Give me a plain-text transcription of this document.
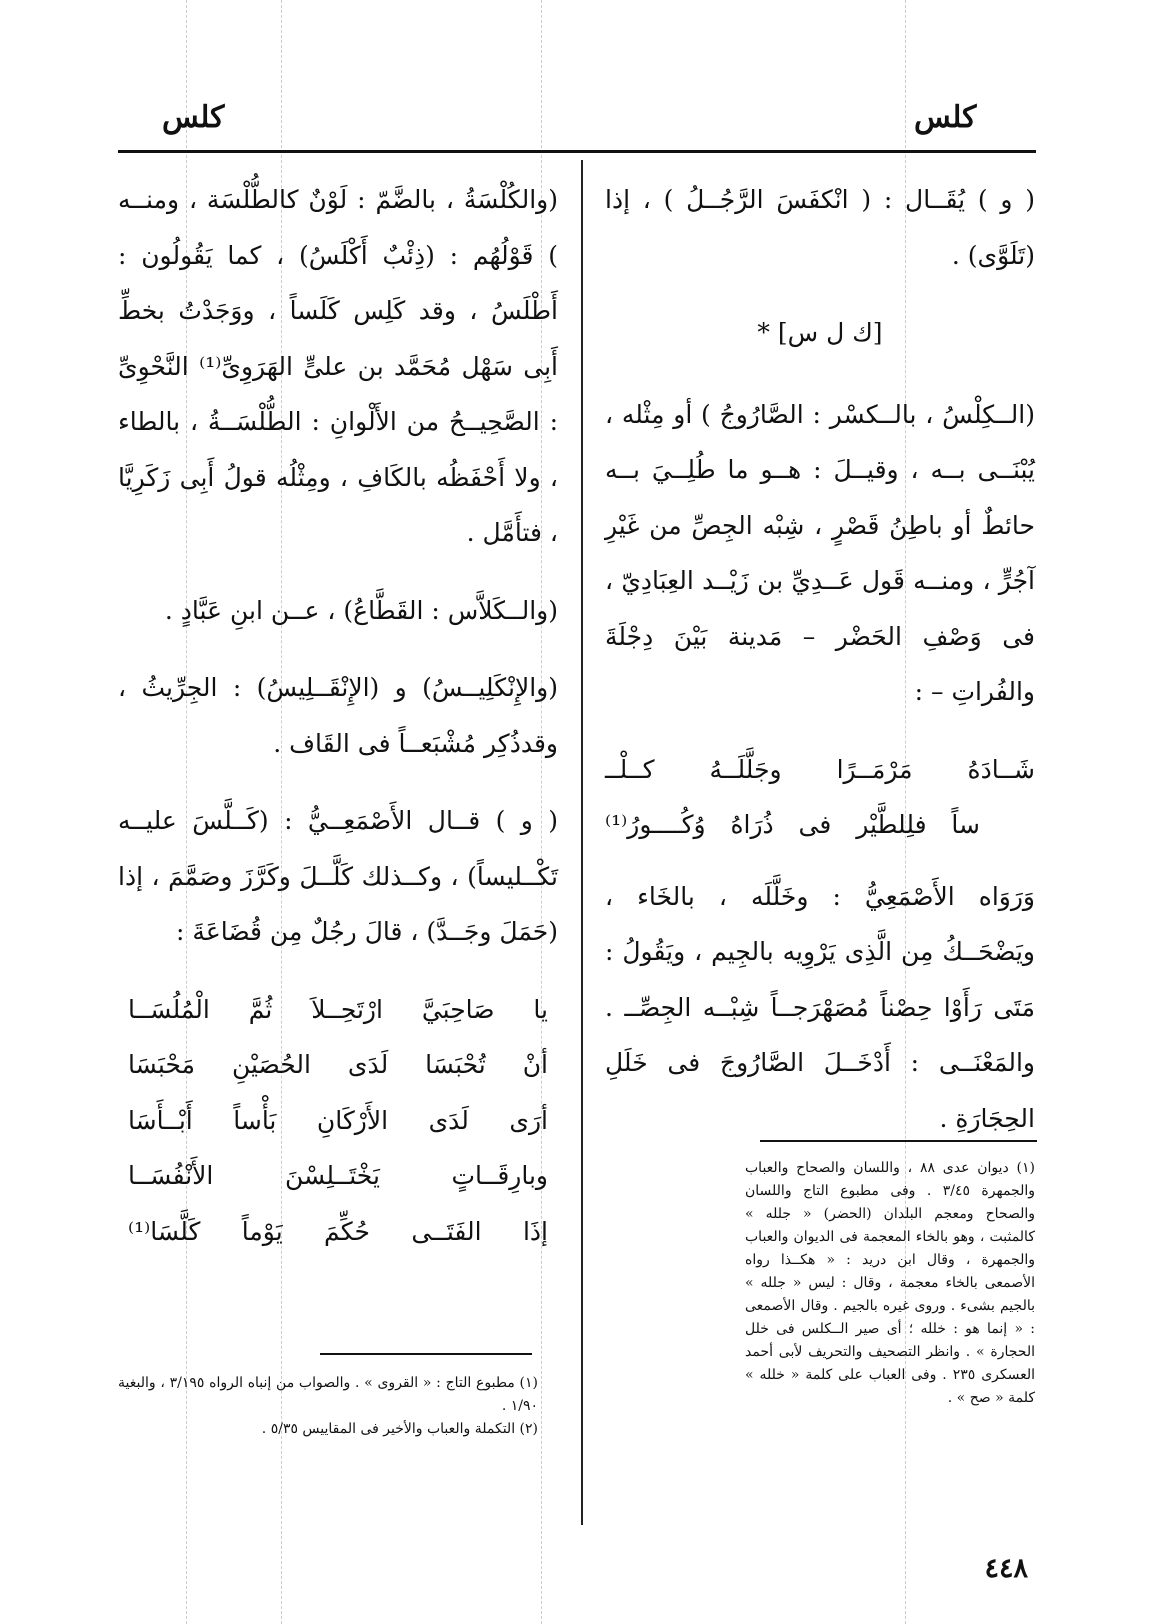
كلس
كلس

( و ) يُقَــال : ( انْكفَسَ الرَّجُــلُ ) ، إذا (تَلَوَّى) .

[ك ل س] *

(الــكِلْسُ ، بالــكسْر : الصَّارُوجُ ) أو مِثْله ، يُبْنَــى بــه ، وقيــلَ : هــو ما طُلِــيَ بــه حائطٌ أو باطِنُ قَصْرٍ ، شِبْه الجِصِّ من غَيْرِ آجُرٍّ ، ومنــه قَول عَــدِيِّ بن زَيْــد العِبَادِيّ ، فى وَصْفِ الحَضْر – مَدينة بَيْنَ دِجْلَةَ والفُراتِ – :

شَــادَهُ مَرْمَــرًا وجَلَّلَــهُ كــلْــ
ساً فلِلطَّيْر فى ذُرَاهُ وُكُــــورُ⁽¹⁾

وَرَوَاه الأَصْمَعِيُّ : وخَلَّلَه ، بالخَاء ، ويَضْحَــكُ مِن الَّذِى يَرْوِيه بالجِيم ، ويَقُولُ : مَتَى رَأَوْا حِصْناً مُصَهْرَجــاً شِبْــه الجِصِّــ . والمَعْنَــى : أَدْخَــلَ الصَّارُوجَ فى خَلَلِ الحِجَارَةِ .

(١) ديوان عدى ٨٨ ، واللسان والصحاح والعباب والجمهرة ٣/٤٥ . وفى مطبوع التاج واللسان والصحاح ومعجم البلدان (الحضر) « جلله » كالمثبت ، وهو بالخاء المعجمة فى الديوان والعباب والجمهرة ، وقال ابن دريد : « هكــذا رواه الأصمعى بالخاء معجمة ، وقال : ليس « جلله » بالجيم بشىء . وروى غيره بالجيم . وقال الأصمعى : « إنما هو : خلله ؛ أى صير الــكلس فى خلل الحجارة » . وانظر التصحيف والتحريف لأبى أحمد العسكرى ٢٣٥ . وفى العباب على كلمة « خلله » كلمة « صح » .

(والكُلْسَةُ ، بالضَّمّ : لَوْنٌ كالطُّلْسَة ، ومنــه ) قَوْلُهُم : (ذِئْبٌ أَكْلَسُ) ، كما يَقُولُون : أَطْلَسُ ، وقد كَلِس كَلَساً ، ووَجَدْتُ بخطِّ أَبِى سَهْل مُحَمَّد بن علىٍّ الهَرَوِىِّ⁽¹⁾ النَّحْوِىِّ : الصَّحِيــحُ من الأَلْوانِ : الطُّلْسَــةُ ، بالطاء ، ولا أَحْفَظُه بالكَافِ ، ومِثْلُه قولُ أَبِى زَكَرِيَّا ، فتأَمَّل .

(والــكَلاَّس : القَطَّاعُ) ، عــن ابنِ عَبَّادٍ .

(والإِنْكَلِيــسُ) و (الإِنْقَــلِيسُ) : الجِرِّيثُ ، وقدذُكِر مُشْبَعــاً فى القَاف .

( و ) قــال الأَصْمَعِــيُّ : (كَــلَّسَ عليــه تَكْــليساً) ، وكــذلك كَلَّــلَ وكَرَّزَ وصَمَّمَ ، إذا (حَمَلَ وجَــدَّ) ، قالَ رجُلٌ مِن قُضَاعَةَ :

يا صَاحِبَيَّ ارْتَحِــلاَ ثُمَّ الْمُلُسَــا
أنْ تُحْبَسَا لَدَى الحُصَيْنِ مَحْبَسَا
أرَى لَدَى الأَرْكَانِ بَأْساً أَبْــأَسَا
وبارِقَــاتٍ يَخْتَــلِسْنَ الأَنْفُسَــا
إذَا الفَتَــى حُكِّمَ يَوْماً كَلَّسَا⁽¹⁾

(١) مطبوع التاج : « القروى » . والصواب من إنباه الرواه ٣/١٩٥ ، والبغية ١/٩٠ .

(٢) التكملة والعباب والأخير فى المقاييس ٥/٣٥ .

٤٤٨
